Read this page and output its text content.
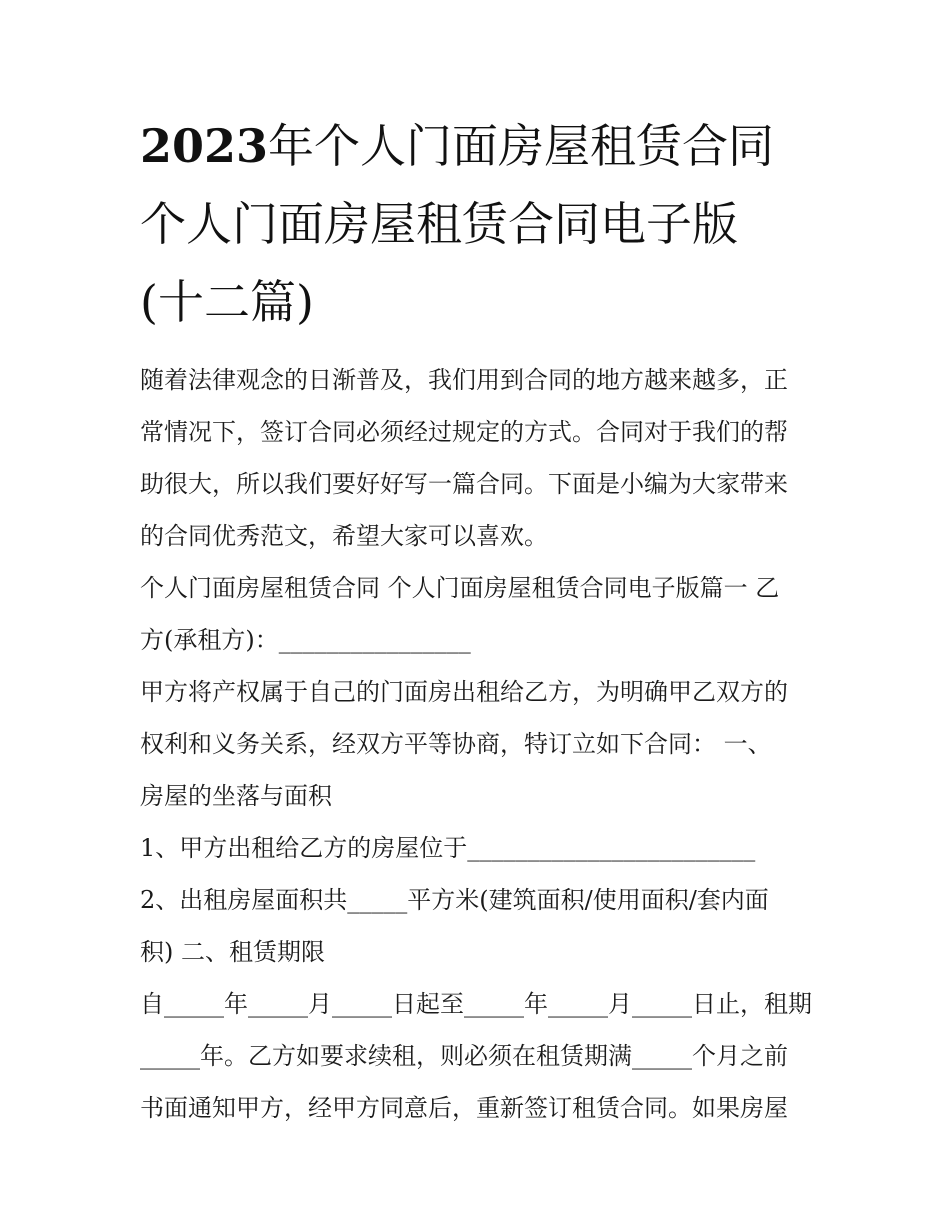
2023年个人门面房屋租赁合同
个人门面房屋租赁合同电子版
(十二篇)

随着法律观念的日渐普及，我们用到合同的地方越来越多，正

常情况下，签订合同必须经过规定的方式。合同对于我们的帮

助很大，所以我们要好好写一篇合同。下面是小编为大家带来

的合同优秀范文，希望大家可以喜欢。

个人门面房屋租赁合同 个人门面房屋租赁合同电子版篇一 乙

方(承租方)：________________

甲方将产权属于自己的门面房出租给乙方，为明确甲乙双方的

权利和义务关系，经双方平等协商，特订立如下合同： 一、

房屋的坐落与面积

1、甲方出租给乙方的房屋位于________________________

2、出租房屋面积共_____平方米(建筑面积/使用面积/套内面

积) 二、租赁期限

自_____年_____月_____日起至_____年_____月_____日止，租期

_____年。乙方如要求续租，则必须在租赁期满_____个月之前

书面通知甲方，经甲方同意后，重新签订租赁合同。如果房屋
